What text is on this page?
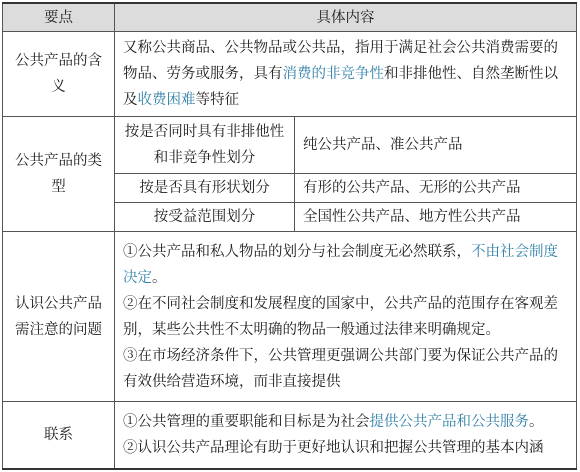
要点	具体内容	
公共产品的含义	又称公共商品、公共物品或公共品，指用于满足社会公共消费需要的物品、劳务或服务，具有消费的非竞争性和非排他性、自然垄断性以及收费困难等特征	
公共产品的类型	按是否同时具有非排他性和非竞争性划分	纯公共产品、准公共产品
	按是否具有形状划分	有形的公共产品、无形的公共产品
	按受益范围划分	全国性公共产品、地方性公共产品
认识公共产品需注意的问题	①公共产品和私人物品的划分与社会制度无必然联系，不由社会制度决定。

②在不同社会制度和发展程度的国家中，公共产品的范围存在客观差别，某些公共性不太明确的物品一般通过法律来明确规定。

③在市场经济条件下，公共管理更强调公共部门要为保证公共产品的有效供给营造环境，而非直接提供	

联系	①公共管理的重要职能和目标是为社会提供公共产品和公共服务。

②认识公共产品理论有助于更好地认识和把握公共管理的基本内涵	
